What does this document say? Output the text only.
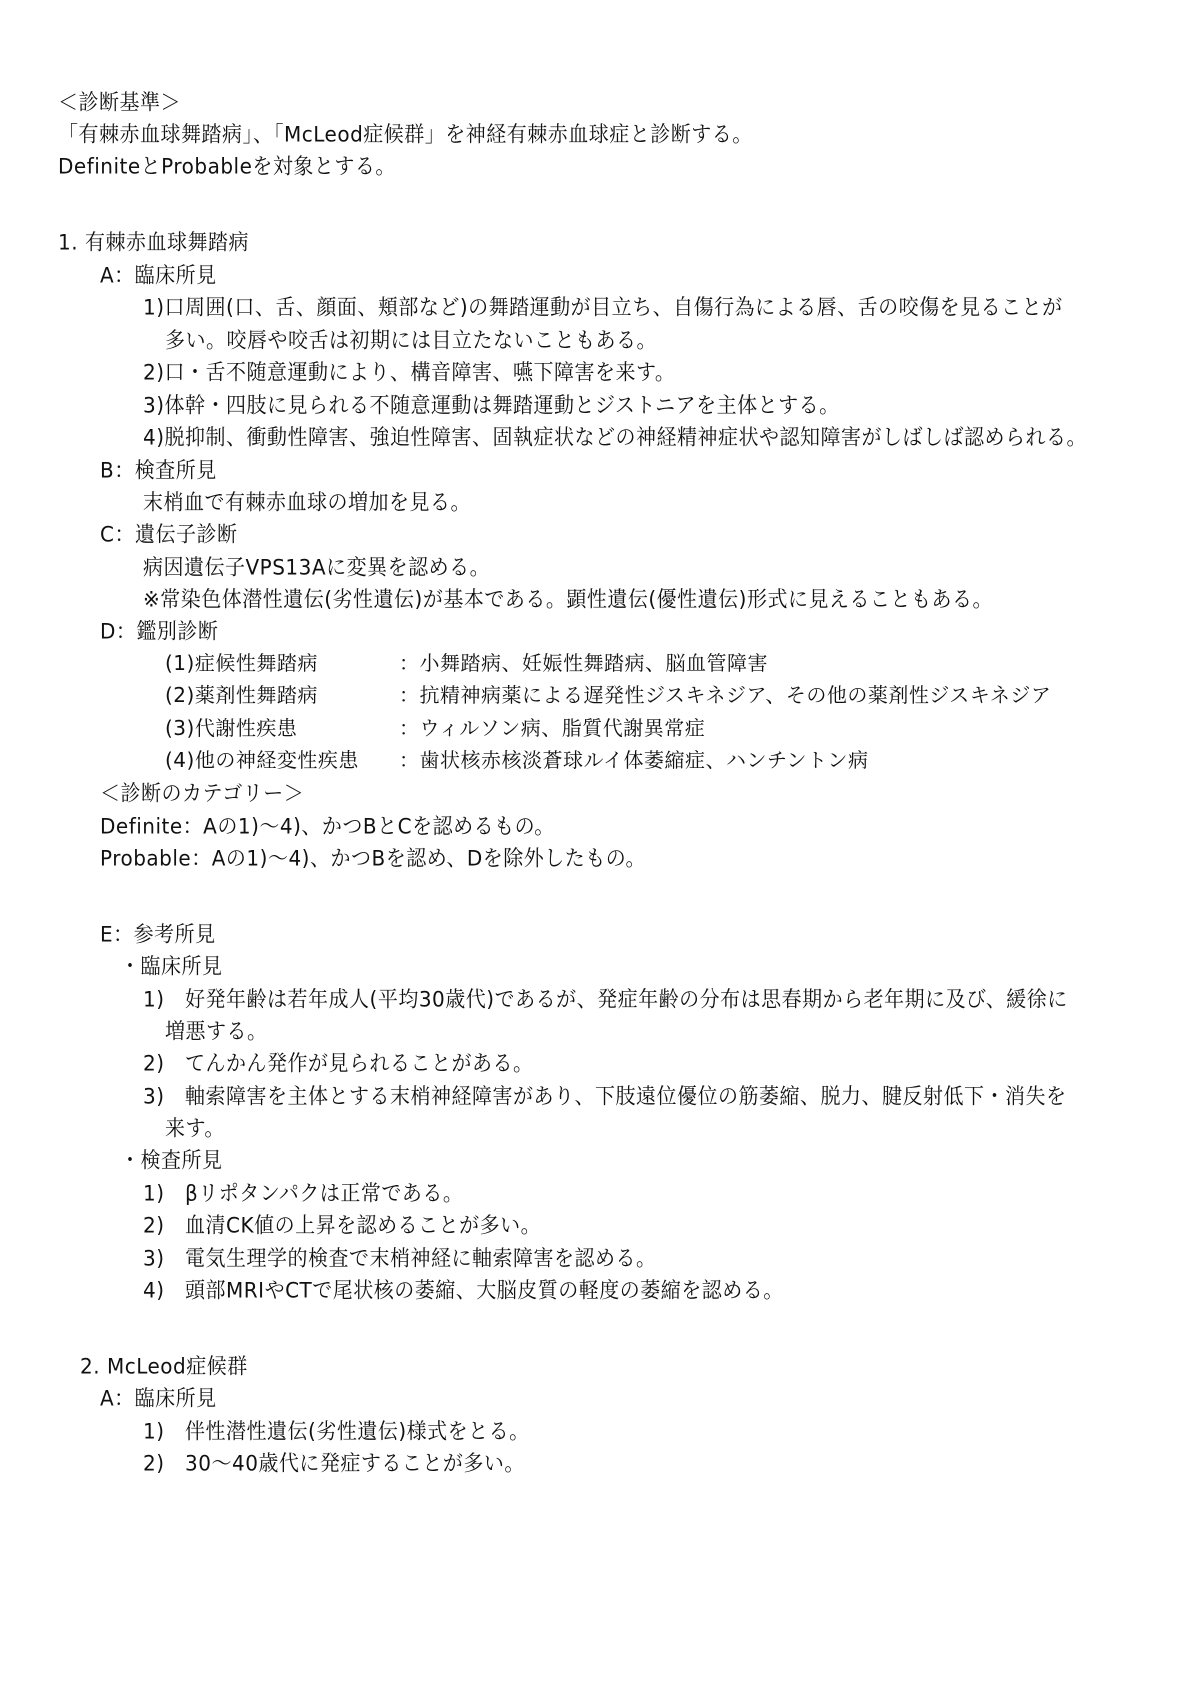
＜診断基準＞
「有棘赤血球舞踏病」、「McLeod症候群」を神経有棘赤血球症と診断する。
DefiniteとProbableを対象とする。
1. 有棘赤血球舞踏病
A：臨床所見
1)口周囲(口、舌、顔面、頬部など)の舞踏運動が目立ち、自傷行為による唇、舌の咬傷を見ることが
多い。咬唇や咬舌は初期には目立たないこともある。
2)口・舌不随意運動により、構音障害、嚥下障害を来す。
3)体幹・四肢に見られる不随意運動は舞踏運動とジストニアを主体とする。
4)脱抑制、衝動性障害、強迫性障害、固執症状などの神経精神症状や認知障害がしばしば認められる。
B：検査所見
末梢血で有棘赤血球の増加を見る。
C：遺伝子診断
病因遺伝子VPS13Aに変異を認める。
※常染色体潜性遺伝(劣性遺伝)が基本である。顕性遺伝(優性遺伝)形式に見えることもある。
D：鑑別診断
(1)症候性舞踏病	：小舞踏病、妊娠性舞踏病、脳血管障害
(2)薬剤性舞踏病	：抗精神病薬による遅発性ジスキネジア、その他の薬剤性ジスキネジア
(3)代謝性疾患	：ウィルソン病、脂質代謝異常症
(4)他の神経変性疾患 ：歯状核赤核淡蒼球ルイ体萎縮症、ハンチントン病
＜診断のカテゴリー＞
Definite：Aの1)～4)、かつBとCを認めるもの。
Probable：Aの1)～4)、かつBを認め、Dを除外したもの。
E：参考所見
・臨床所見
1)　好発年齢は若年成人(平均30歳代)であるが、発症年齢の分布は思春期から老年期に及び、緩徐に
増悪する。
2)　てんかん発作が見られることがある。
3)　軸索障害を主体とする末梢神経障害があり、下肢遠位優位の筋萎縮、脱力、腱反射低下・消失を
来す。
・検査所見
1)　βリポタンパクは正常である。
2)　血清CK値の上昇を認めることが多い。
3)　電気生理学的検査で末梢神経に軸索障害を認める。
4)　頭部MRIやCTで尾状核の萎縮、大脳皮質の軽度の萎縮を認める。
2. McLeod症候群
A：臨床所見
1)　伴性潜性遺伝(劣性遺伝)様式をとる。
2)　30～40歳代に発症することが多い。
